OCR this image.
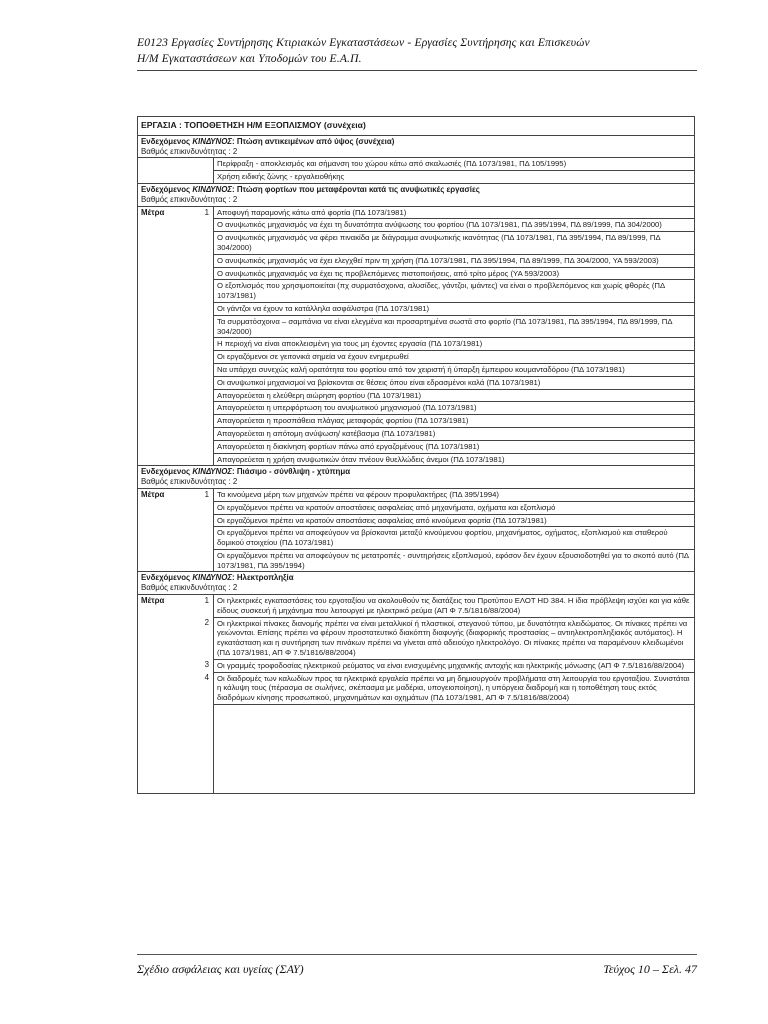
Ε0123 Εργασίες Συντήρησης Κτιριακών Εγκαταστάσεων - Εργασίες Συντήρησης και Επισκευών
Η/Μ Εγκαταστάσεων και Υποδομών του Ε.Α.Π.
ΕΡΓΑΣΙΑ : ΤΟΠΟΘΕΤΗΣΗ Η/Μ ΕΞΟΠΛΙΣΜΟΥ (συνέχεια)		
Ενδεχόμενος ΚΙΝΔΥΝΟΣ: Πτώση αντικειμένων από ύψος (συνέχεια)
Βαθμός επικινδυνότητας : 2		
		Περίφραξη - αποκλεισμός και σήμανση του χώρου κάτω από σκαλωσιές (ΠΔ 1073/1981, ΠΔ 105/1995)
		Χρήση ειδικής ζώνης - εργαλειοθήκης
Ενδεχόμενος ΚΙΝΔΥΝΟΣ: Πτώση φορτίων που μεταφέρονται κατά τις ανυψωτικές εργασίες
Βαθμός επικινδυνότητας : 2		
Μέτρα	1	Αποφυγή παραμονής κάτω από φορτία (ΠΔ 1073/1981)
		Ο ανυψωτικός μηχανισμός να έχει τη δυνατότητα ανύψωσης του φορτίου (ΠΔ 1073/1981, ΠΔ 395/1994, ΠΔ 89/1999, ΠΔ 304/2000)
		Ο ανυψωτικός μηχανισμός να φέρει πινακίδα με διάγραμμα ανυψωτικής ικανότητας (ΠΔ 1073/1981, ΠΔ 395/1994, ΠΔ 89/1999, ΠΔ 304/2000)
		Ο ανυψωτικός μηχανισμός να έχει ελεγχθεί πριν τη χρήση (ΠΔ 1073/1981, ΠΔ 395/1994, ΠΔ 89/1999, ΠΔ 304/2000, ΥΑ 593/2003)
		Ο ανυψωτικός μηχανισμός να έχει τις προβλεπόμενες πιστοποιήσεις, από τρίτο μέρος (ΥΑ 593/2003)
		Ο εξοπλισμός που χρησιμοποιείται (πχ συρματόσχοινα, αλυσίδες, γάντζοι, ιμάντες) να είναι ο προβλεπόμενος και χωρίς φθορές (ΠΔ 1073/1981)
		Οι γάντζοι να έχουν τα κατάλληλα ασφάλιστρα (ΠΔ 1073/1981)
		Τα συρματόσχοινα – σαμπάνια να είναι ελεγμένα και προσαρτημένα σωστά στο φορτίο (ΠΔ 1073/1981, ΠΔ 395/1994, ΠΔ 89/1999, ΠΔ 304/2000)
		Η περιοχή να είναι αποκλεισμένη για τους μη έχοντες εργασία (ΠΔ 1073/1981)
		Οι εργαζόμενοι σε γειτονικά σημεία να έχουν ενημερωθεί
		Να υπάρχει συνεχώς καλή ορατότητα του φορτίου από τον χειριστή ή ύπαρξη έμπειρου κουμανταδόρου (ΠΔ 1073/1981)
		Οι ανυψωτικοί μηχανισμοί να βρίσκονται σε θέσεις όπου είναι εδρασμένοι καλά (ΠΔ 1073/1981)
		Απαγορεύεται η ελεύθερη αιώρηση φορτίου (ΠΔ 1073/1981)
		Απαγορεύεται η υπερφόρτωση του ανυψωτικού μηχανισμού (ΠΔ 1073/1981)
		Απαγορεύεται η προσπάθεια πλάγιας μεταφοράς φορτίου (ΠΔ 1073/1981)
		Απαγορεύεται η απότομη ανύψωση/ κατέβασμα (ΠΔ 1073/1981)
		Απαγορεύεται η διακίνηση φορτίων πάνω από εργαζομένους (ΠΔ 1073/1981)
		Απαγορεύεται η χρήση ανυψωτικών όταν πνέουν θυελλώδεις άνεμοι (ΠΔ 1073/1981)
Ενδεχόμενος ΚΙΝΔΥΝΟΣ: Πιάσιμο - σύνθλιψη - χτύπημα
Βαθμός επικινδυνότητας : 2		
Μέτρα	1	Τα κινούμενα μέρη των μηχανών πρέπει να φέρουν προφυλακτήρες (ΠΔ 395/1994)
		Οι εργαζόμενοι πρέπει να κρατούν αποστάσεις ασφαλείας από μηχανήματα, οχήματα και εξοπλισμό
		Οι εργαζόμενοι πρέπει να κρατούν αποστάσεις ασφαλείας από κινούμενα φορτία (ΠΔ 1073/1981)
		Οι εργαζόμενοι πρέπει να αποφεύγουν να βρίσκονται μεταξύ κινούμενου φορτίου, μηχανήματος, οχήματος, εξοπλισμού και σταθερού δομικού στοιχείου (ΠΔ 1073/1981)
		Οι εργαζόμενοι πρέπει να αποφεύγουν τις μετατροπές - συντηρήσεις εξοπλισμού, εφόσον δεν έχουν εξουσιοδοτηθεί για το σκοπό αυτό (ΠΔ 1073/1981, ΠΔ 395/1994)
Ενδεχόμενος ΚΙΝΔΥΝΟΣ: Ηλεκτροπληξία
Βαθμός επικινδυνότητας : 2		
Μέτρα	1	Οι ηλεκτρικές εγκαταστάσεις του εργοταξίου να ακολουθούν τις διατάξεις του Προτύπου ΕΛΟΤ HD 384. Η ίδια πρόβλεψη ισχύει και για κάθε είδους συσκευή ή μηχάνημα που λειτουργεί με ηλεκτρικό ρεύμα (ΑΠ Φ 7.5/1816/88/2004)
	2	Οι ηλεκτρικοί πίνακες διανομής πρέπει να είναι μεταλλικοί ή πλαστικοί, στεγανού τύπου, με δυνατότητα κλειδώματος. Οι πίνακες πρέπει να γειώνονται. Επίσης πρέπει να φέρουν προστατευτικό διακόπτη διαφυγής (διαφορικής προστασίας – αντιηλεκτροπληξιακός αυτόματος). Η εγκατάσταση και η συντήρηση των πινάκων πρέπει να γίνεται από αδειούχο ηλεκτρολόγο. Οι πίνακες πρέπει να παραμένουν κλειδωμένοι (ΠΔ 1073/1981, ΑΠ Φ 7.5/1816/88/2004)
	3	Οι γραμμές τροφοδοσίας ηλεκτρικού ρεύματος να είναι ενισχυμένης μηχανικής αντοχής και ηλεκτρικής μόνωσης (ΑΠ Φ 7.5/1816/88/2004)
	4	Οι διαδρομές των καλωδίων προς τα ηλεκτρικά εργαλεία πρέπει να μη δημιουργούν προβλήματα στη λειτουργία του εργοταξίου. Συνιστάται η κάλυψη τους (πέρασμα σε σωλήνες, σκέπασμα με μαδέρια, υπογειοποίηση), η υπόργεια διαδρομή και η τοποθέτηση τους εκτός διαδρόμων κίνησης προσωπικού, μηχανημάτων και οχημάτων (ΠΔ 1073/1981, ΑΠ Φ 7.5/1816/88/2004)

Σχέδιο ασφάλειας και υγείας (ΣΑΥ)	Τεύχος 10 – Σελ. 47
